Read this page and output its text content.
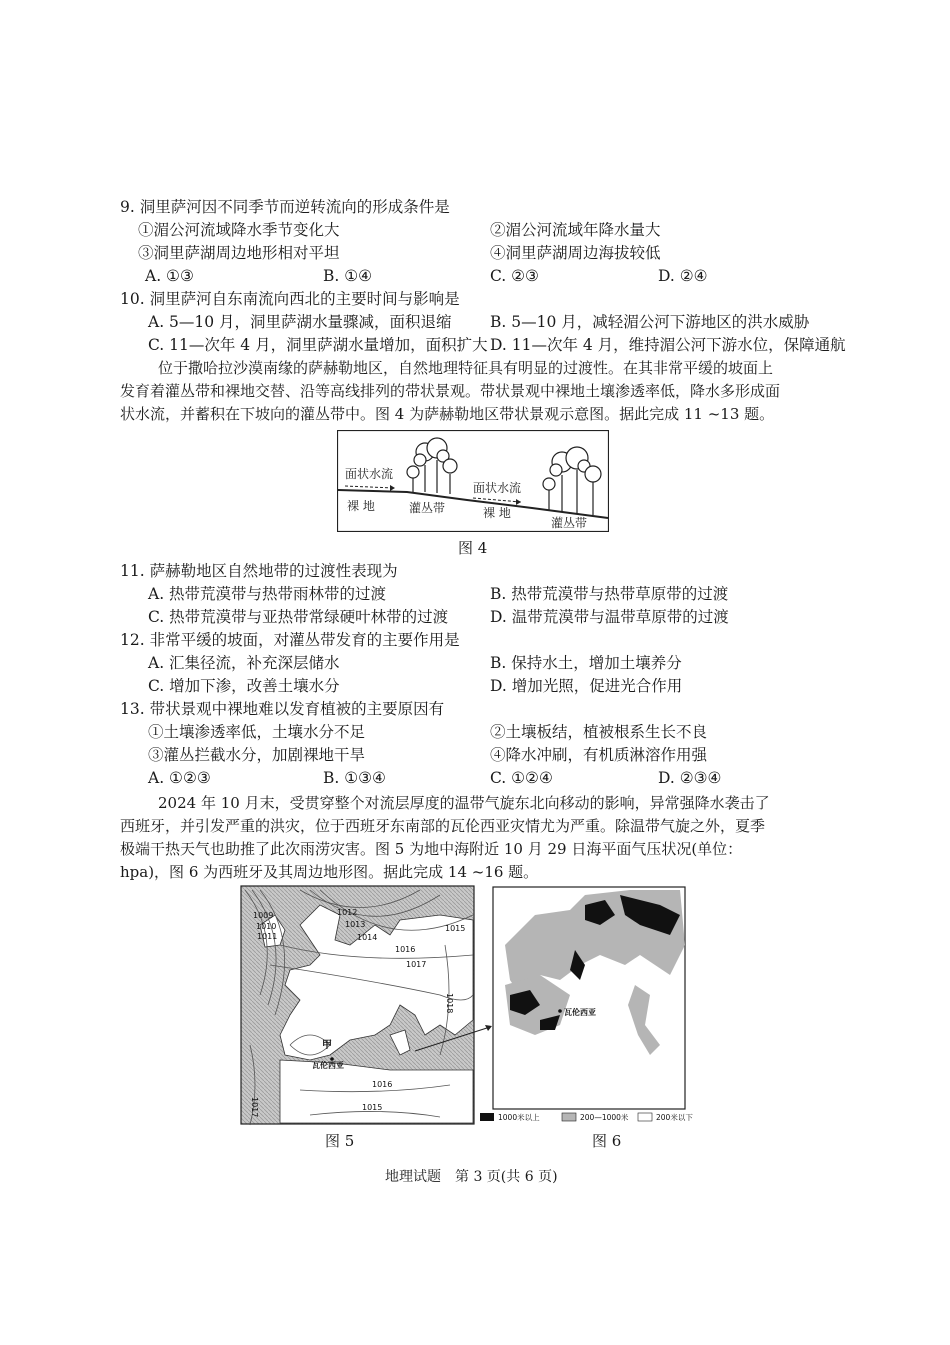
9. 洞里萨河因不同季节而逆转流向的形成条件是
①湄公河流域降水季节变化大	②湄公河流域年降水量大
③洞里萨湖周边地形相对平坦	④洞里萨湖周边海拔较低
A. ①③	B. ①④	C. ②③	D. ②④
10. 洞里萨河自东南流向西北的主要时间与影响是
A. 5—10 月，洞里萨湖水量骤减，面积退缩 B. 5—10 月，减轻湄公河下游地区的洪水威胁
C. 11—次年 4 月，洞里萨湖水量增加，面积扩大 D. 11—次年 4 月，维持湄公河下游水位，保障通航
位于撒哈拉沙漠南缘的萨赫勒地区，自然地理特征具有明显的过渡性。在其非常平缓的坡面上
发育着灌丛带和裸地交替、沿等高线排列的带状景观。带状景观中裸地土壤渗透率低，降水多形成面
状水流，并蓄积在下坡向的灌丛带中。图 4 为萨赫勒地区带状景观示意图。据此完成 11 ~13 题。
面状水流
面状水流
裸 地	灌丛带	裸 地
灌丛带
图 4
11. 萨赫勒地区自然地带的过渡性表现为
A. 热带荒漠带与热带雨林带的过渡	B. 热带荒漠带与热带草原带的过渡
C. 热带荒漠带与亚热带常绿硬叶林带的过渡	D. 温带荒漠带与温带草原带的过渡
12. 非常平缓的坡面，对灌丛带发育的主要作用是
A. 汇集径流，补充深层储水	B. 保持水土，增加土壤养分
C. 增加下渗，改善土壤水分	D. 增加光照，促进光合作用
13. 带状景观中裸地难以发育植被的主要原因有
①土壤渗透率低，土壤水分不足	②土壤板结，植被根系生长不良
③灌丛拦截水分，加剧裸地干旱	④降水冲刷，有机质淋溶作用强
A. ①②③	B. ①③④	C. ①②④	D. ②③④
2024 年 10 月末，受贯穿整个对流层厚度的温带气旋东北向移动的影响，异常强降水袭击了
西班牙，并引发严重的洪灾，位于西班牙东南部的瓦伦西亚灾情尤为严重。除温带气旋之外，夏季
极端干热天气也助推了此次雨涝灾害。图 5 为地中海附近 10 月 29 日海平面气压状况(单位：
hpa)，图 6 为西班牙及其周边地形图。据此完成 14 ~16 题。
1009
1010
1011
1012
1013
1014
1015
1016
1017
1018
1016
1015
1017
甲
瓦伦西亚
瓦伦西亚
1000米以上	200—1000米	200米以下
图 5	图 6
地理试题　第 3 页(共 6 页)
